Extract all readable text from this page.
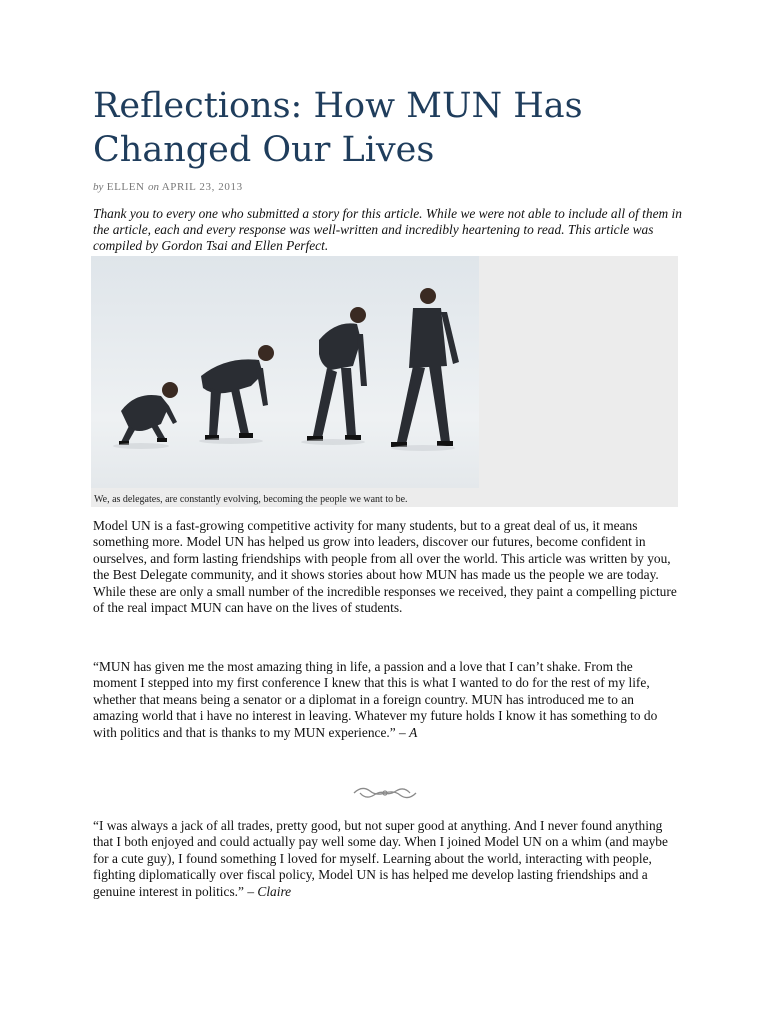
Reflections: How MUN Has Changed Our Lives
by ELLEN on APRIL 23, 2013
Thank you to every one who submitted a story for this article. While we were not able to include all of them in the article, each and every response was well-written and incredibly heartening to read. This article was compiled by Gordon Tsai and Ellen Perfect.
We, as delegates, are constantly evolving, becoming the people we want to be.

Model UN is a fast-growing competitive activity for many students, but to a great deal of us, it means something more. Model UN has helped us grow into leaders, discover our futures, become confident in ourselves, and form lasting friendships with people from all over the world. This article was written by you, the Best Delegate community, and it shows stories about how MUN has made us the people we are today. While these are only a small number of the incredible responses we received, they paint a compelling picture of the real impact MUN can have on the lives of students.

“MUN has given me the most amazing thing in life, a passion and a love that I can’t shake. From the moment I stepped into my first conference I knew that this is what I wanted to do for the rest of my life, whether that means being a senator or a diplomat in a foreign country. MUN has introduced me to an amazing world that i have no interest in leaving. Whatever my future holds I know it has something to do with politics and that is thanks to my MUN experience.” – A

“I was always a jack of all trades, pretty good, but not super good at anything. And I never found anything that I both enjoyed and could actually pay well some day. When I joined Model UN on a whim (and maybe for a cute guy), I found something I loved for myself. Learning about the world, interacting with people, fighting diplomatically over fiscal policy, Model UN is has helped me develop lasting friendships and a genuine interest in politics.” – Claire
